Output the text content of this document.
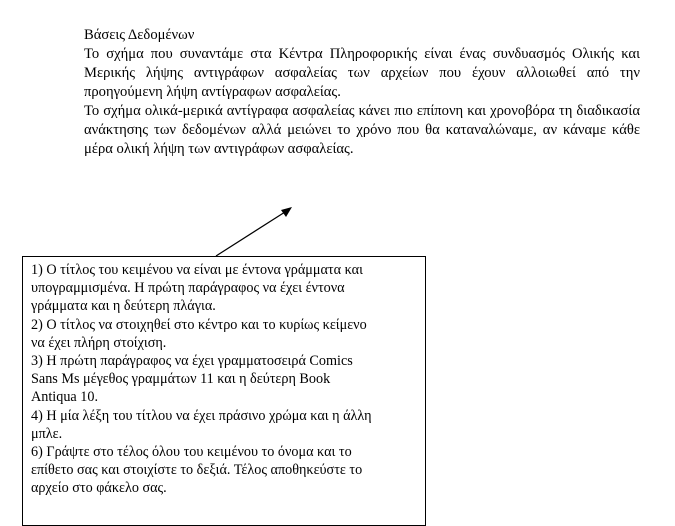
Βάσεις Δεδομένων

Το σχήμα που συναντάμε στα Κέντρα Πληροφορικής είναι ένας συνδυασμός Ολικής και Μερικής λήψης αντιγράφων ασφαλείας των αρχείων που έχουν αλλοιωθεί από την προηγούμενη λήψη αντίγραφων ασφαλείας.

Το σχήμα ολικά-μερικά αντίγραφα ασφαλείας κάνει πιο επίπονη και χρονοβόρα τη διαδικασία ανάκτησης των δεδομένων αλλά μειώνει το χρόνο που θα καταναλώναμε, αν κάναμε κάθε μέρα ολική λήψη των αντιγράφων ασφαλείας.

1) Ο τίτλος του κειμένου να είναι με έντονα γράμματα και
υπογραμμισμένα. Η πρώτη παράγραφος να έχει έντονα
γράμματα και η δεύτερη πλάγια.
2) Ο τίτλος να στοιχηθεί στο κέντρο και το κυρίως κείμενο
να έχει πλήρη στοίχιση.
3) Η πρώτη παράγραφος να έχει γραμματοσειρά Comics
Sans Ms μέγεθος γραμμάτων 11 και η δεύτερη Book
Antiqua 10.
4) Η μία λέξη του τίτλου να έχει πράσινο χρώμα και η άλλη
μπλε.
6) Γράψτε στο τέλος όλου του κειμένου το όνομα και το
επίθετο σας και στοιχίστε το δεξιά. Τέλος αποθηκεύστε το
αρχείο στο φάκελο σας.
